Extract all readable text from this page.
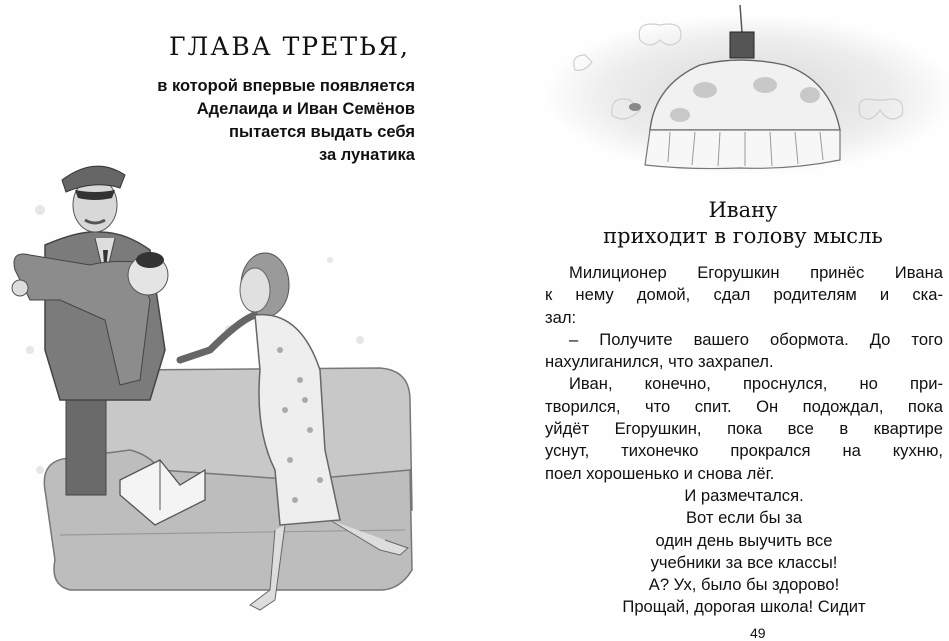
ГЛАВА ТРЕТЬЯ,
в которой впервые появляется
Аделаида и Иван Семёнов
пытается выдать себя
за лунатика
Ивану
приходит в голову мысль
Милиционер Егорушкин принёс Ивана
к нему домой, сдал родителям и ска-
зал:
– Получите вашего обормота. До того
нахулиганился, что захрапел.
Иван, конечно, проснулся, но при-
творился, что спит. Он подождал, пока
уйдёт Егорушкин, пока все в квартире
уснут, тихонечко прокрался на кухню,
поел хорошенько и снова лёг.
И размечтался.
Вот если бы за
один день выучить все
учебники за все классы!
А? Ух, было бы здорово!
Прощай, дорогая школа! Сидит
49
